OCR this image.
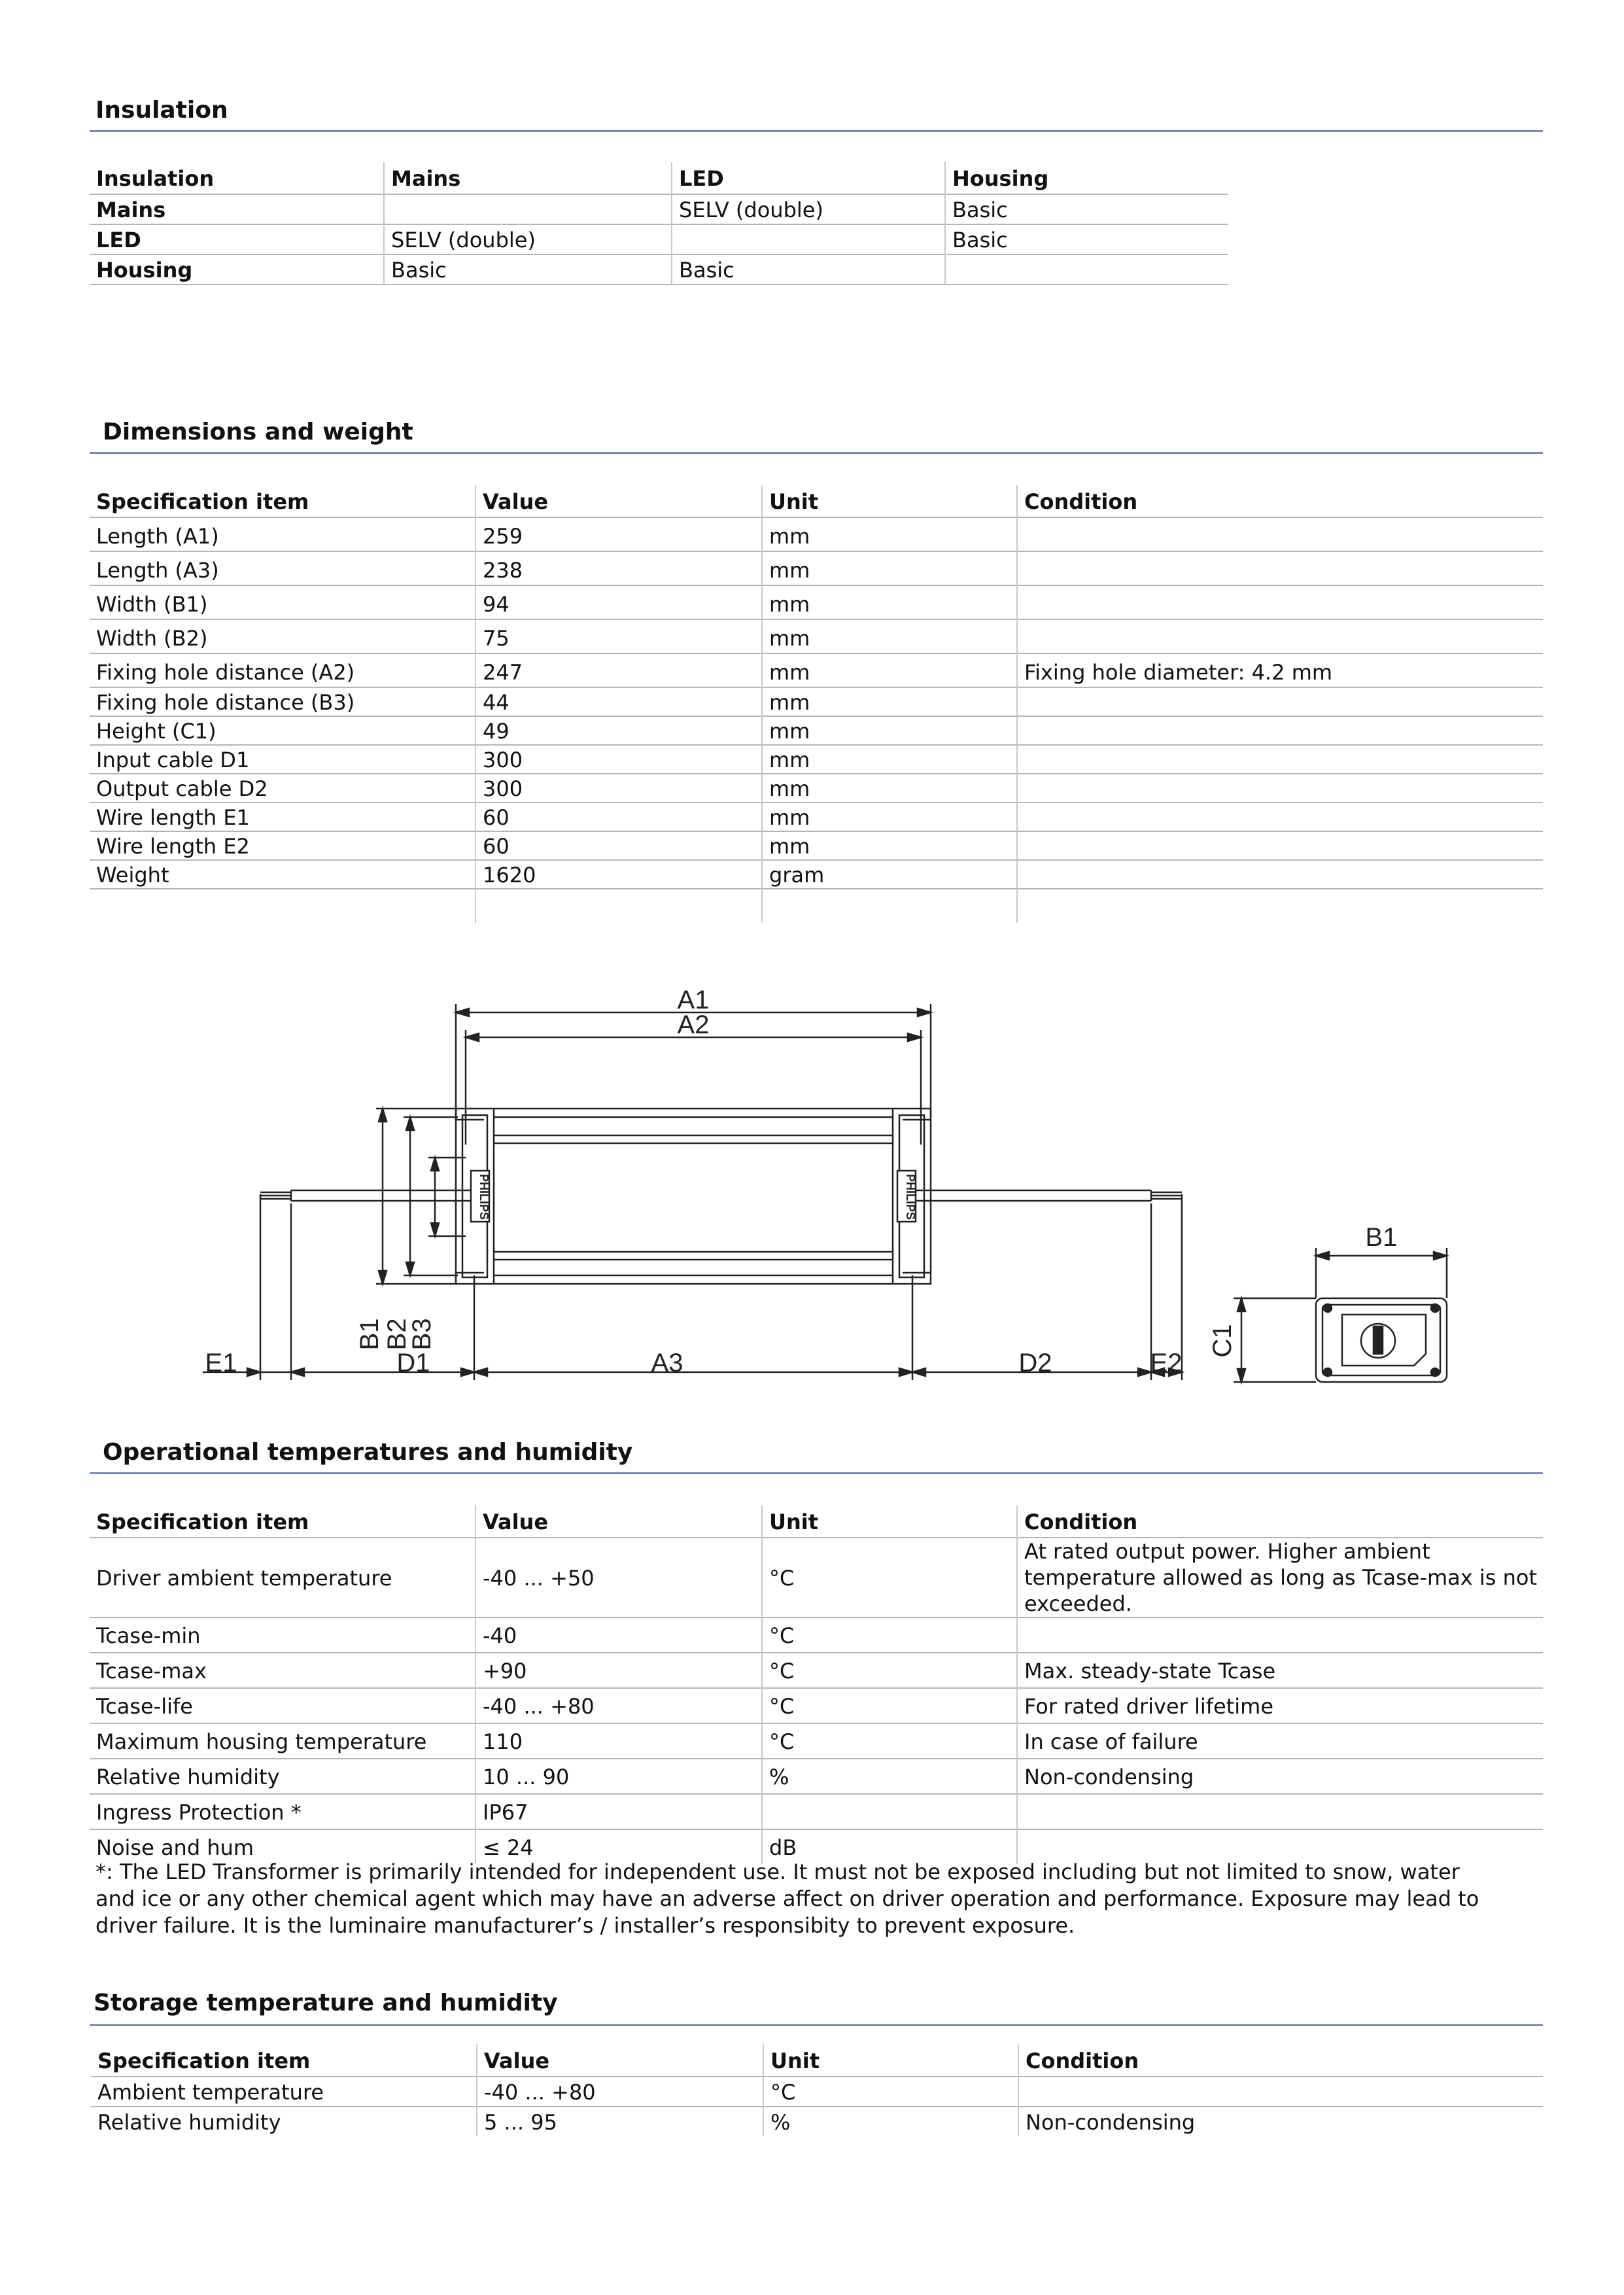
Insulation
Insulation	Mains	LED	Housing
Mains		SELV (double)	Basic
LED	SELV (double)		Basic
Housing	Basic	Basic	
Dimensions and weight
Specification item	Value	Unit	Condition
Length (A1)	259	mm	
Length (A3)	238	mm	
Width (B1)	94	mm	
Width (B2)	75	mm	
Fixing hole distance (A2)	247	mm	Fixing hole diameter: 4.2 mm
Fixing hole distance (B3)	44	mm	
Height (C1)	49	mm	
Input cable D1	300	mm	
Output cable D2	300	mm	
Wire length E1	60	mm	
Wire length E2	60	mm	
Weight	1620	gram	

PHILIPS	PHILIPS
A1
A2
E1	D1	A3	D2	E2
B1
B2
B3
B1
C1
Operational temperatures and humidity
Specification item	Value	Unit	Condition
Driver ambient temperature	-40 ... +50	°C	At rated output power. Higher ambient temperature allowed as long as Tcase-max is not exceeded.
Tcase-min	-40	°C	
Tcase-max	+90	°C	Max. steady-state Tcase
Tcase-life	-40 ... +80	°C	For rated driver lifetime
Maximum housing temperature	110	°C	In case of failure
Relative humidity	10 ... 90	%	Non-condensing
Ingress Protection *	IP67		
Noise and hum	≤ 24	dB	
*: The LED Transformer is primarily intended for independent use. It must not be exposed including but not limited to snow, water and ice or any other chemical agent which may have an adverse affect on driver operation and performance. Exposure may lead to driver failure. It is the luminaire manufacturer’s / installer’s responsibity to prevent exposure.
Storage temperature and humidity
Specification item	Value	Unit	Condition
Ambient temperature	-40 ... +80	°C	
Relative humidity	5 ... 95	%	Non-condensing
